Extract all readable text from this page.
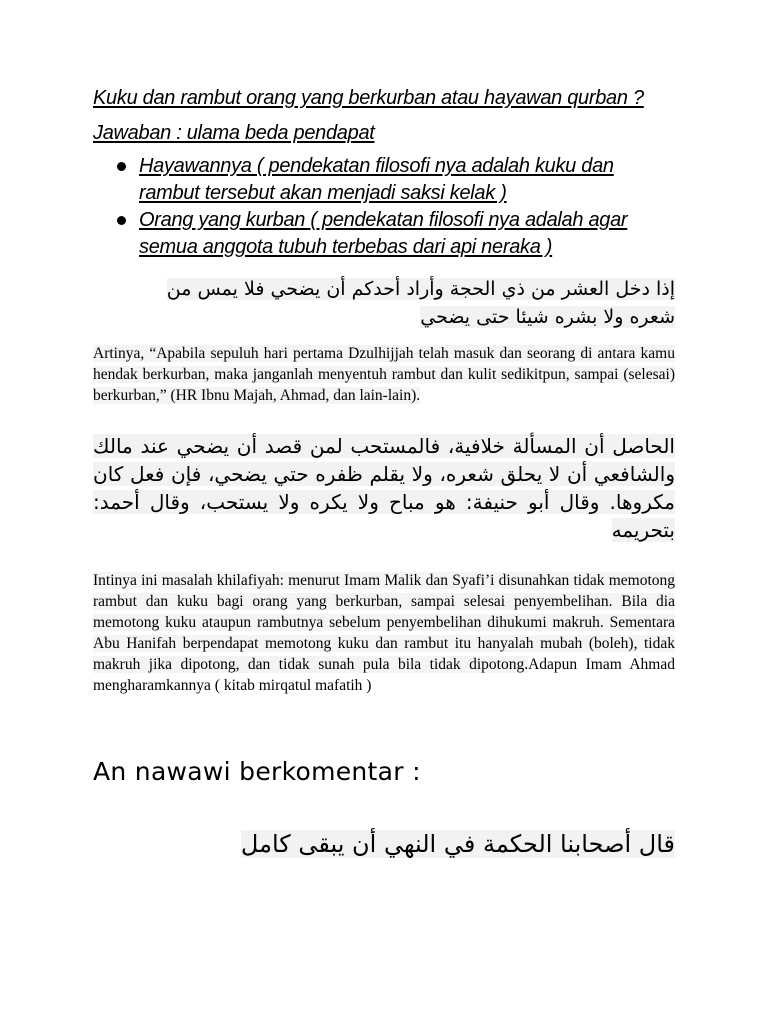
Kuku dan rambut orang yang berkurban atau hayawan qurban ?

Jawaban : ulama beda pendapat

Hayawannya ( pendekatan filosofi nya adalah kuku dan rambut tersebut akan menjadi saksi kelak )
Orang yang kurban ( pendekatan filosofi nya adalah agar semua anggota tubuh terbebas dari api neraka )

إذا دخل العشر من ذي الحجة وأراد أحدكم أن يضحي فلا يمس من شعره ولا بشره شيئا حتى يضحي

Artinya, “Apabila sepuluh hari pertama Dzulhijjah telah masuk dan seorang di antara kamu hendak berkurban, maka janganlah menyentuh rambut dan kulit sedikitpun, sampai (selesai) berkurban,” (HR Ibnu Majah, Ahmad, dan lain-lain).

الحاصل أن المسألة خلافية، فالمستحب لمن قصد أن يضحي عند مالك والشافعي أن لا يحلق شعره، ولا يقلم ظفره حتي يضحي، فإن فعل كان مكروها. وقال أبو حنيفة: هو مباح ولا يكره ولا يستحب، وقال أحمد: بتحريمه

Intinya ini masalah khilafiyah: menurut Imam Malik dan Syafi’i disunahkan tidak memotong rambut dan kuku bagi orang yang berkurban, sampai selesai penyembelihan. Bila dia memotong kuku ataupun rambutnya sebelum penyembelihan dihukumi makruh. Sementara Abu Hanifah berpendapat memotong kuku dan rambut itu hanyalah mubah (boleh), tidak makruh jika dipotong, dan tidak sunah pula bila tidak dipotong.Adapun Imam Ahmad mengharamkannya ( kitab mirqatul mafatih )

An nawawi berkomentar :

قال أصحابنا الحكمة في النهي أن يبقى كامل
